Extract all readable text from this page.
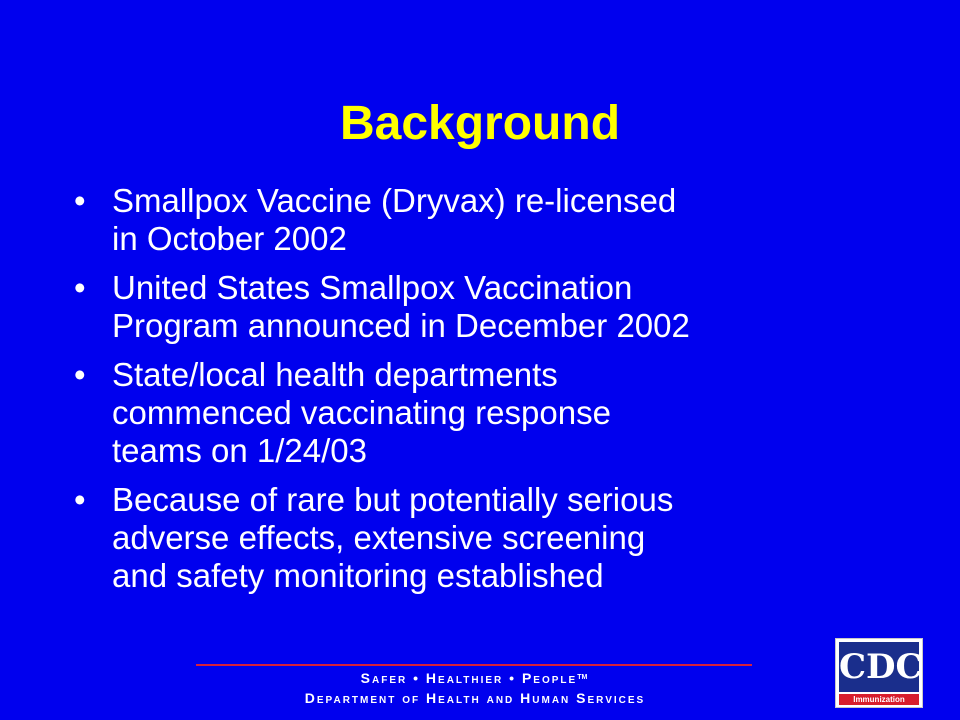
Background
• Smallpox Vaccine (Dryvax) re-licensed
in October 2002
• United States Smallpox Vaccination
Program announced in December 2002
• State/local health departments
commenced vaccinating response
teams on 1/24/03
• Because of rare but potentially serious
adverse effects, extensive screening
and safety monitoring established
Safer • Healthier • People™
Department of Health and Human Services
CDC
Immunization
